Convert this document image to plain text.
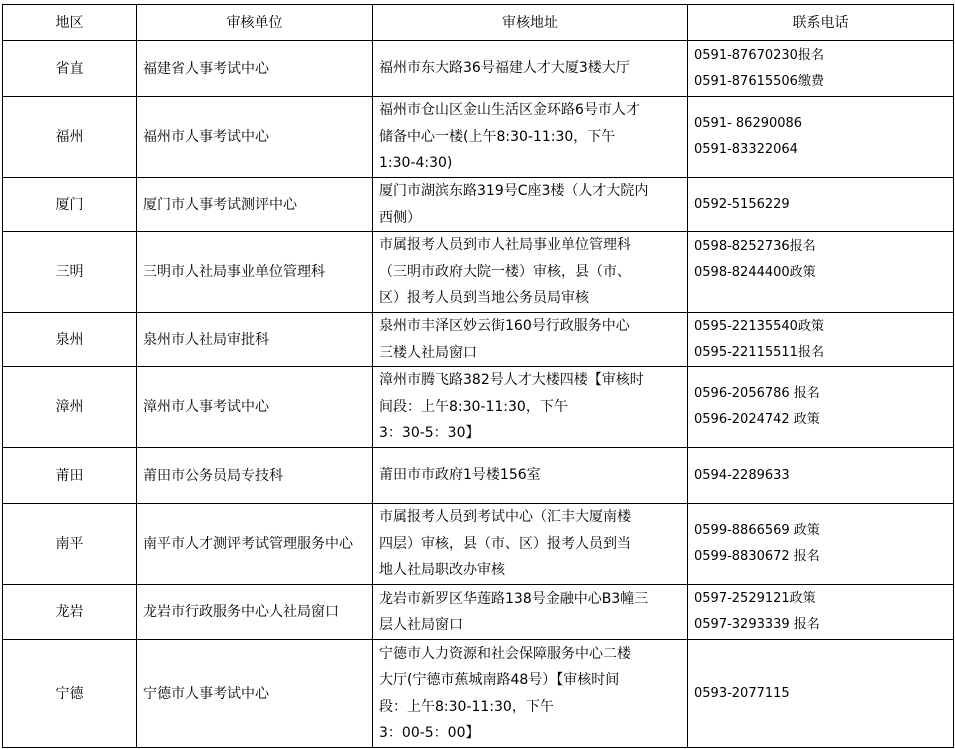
地区	审核单位	审核地址	联系电话
省直	福建省人事考试中心	福州市东大路36号福建人才大厦3楼大厅	0591-87670230报名
0591-87615506缴费

福州	福州市人事考试中心	福州市仓山区金山生活区金环路6号市人才
储备中心一楼(上午8:30-11:30，下午
1:30-4:30)	0591- 86290086
0591-83322064

厦门	厦门市人事考试测评中心	厦门市湖滨东路319号C座3楼（人才大院内
西侧）	0592-5156229

三明	三明市人社局事业单位管理科	市属报考人员到市人社局事业单位管理科
（三明市政府大院一楼）审核，县（市、
区）报考人员到当地公务员局审核	0598-8252736报名
0598-8244400政策

泉州	泉州市人社局审批科	泉州市丰泽区妙云街160号行政服务中心
三楼人社局窗口	0595-22135540政策
0595-22115511报名

漳州	漳州市人事考试中心	漳州市腾飞路382号人才大楼四楼【审核时
间段：上午8:30-11:30，下午
3：30-5：30】	0596-2056786 报名
0596-2024742 政策

莆田	莆田市公务员局专技科	莆田市市政府1号楼156室	0594-2289633

南平	南平市人才测评考试管理服务中心	市属报考人员到考试中心（汇丰大厦南楼
四层）审核，县（市、区）报考人员到当
地人社局职改办审核	0599-8866569 政策
0599-8830672 报名

龙岩	龙岩市行政服务中心人社局窗口	龙岩市新罗区华莲路138号金融中心B3幢三
层人社局窗口	0597-2529121政策
0597-3293339 报名

宁德	宁德市人事考试中心	宁德市人力资源和社会保障服务中心二楼
大厅(宁德市蕉城南路48号）【审核时间
段：上午8:30-11:30，下午
3：00-5：00】	0593-2077115
